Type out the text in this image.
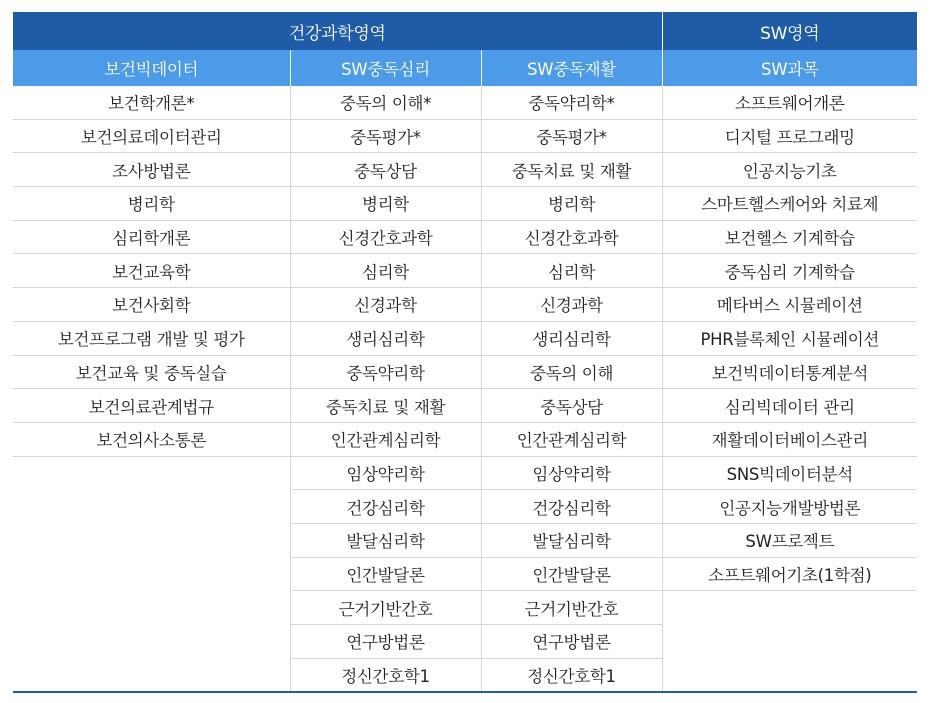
건강과학영역			SW영역
보건빅데이터	SW중독심리	SW중독재활	SW과목
보건학개론*	중독의 이해*	중독약리학*	소프트웨어개론
보건의료데이터관리	중독평가*	중독평가*	디지털 프로그래밍
조사방법론	중독상담	중독치료 및 재활	인공지능기초
병리학	병리학	병리학	스마트헬스케어와 치료제
심리학개론	신경간호과학	신경간호과학	보건헬스 기계학습
보건교육학	심리학	심리학	중독심리 기계학습
보건사회학	신경과학	신경과학	메타버스 시뮬레이션
보건프로그램 개발 및 평가	생리심리학	생리심리학	PHR블록체인 시뮬레이션
보건교육 및 중독실습	중독약리학	중독의 이해	보건빅데이터통계분석
보건의료관계법규	중독치료 및 재활	중독상담	심리빅데이터 관리
보건의사소통론	인간관계심리학	인간관계심리학	재활데이터베이스관리
	임상약리학	임상약리학	SNS빅데이터분석
	건강심리학	건강심리학	인공지능개발방법론
	발달심리학	발달심리학	SW프로젝트
	인간발달론	인간발달론	소프트웨어기초(1학점)
	근거기반간호	근거기반간호	
	연구방법론	연구방법론	
	정신간호학1	정신간호학1	
